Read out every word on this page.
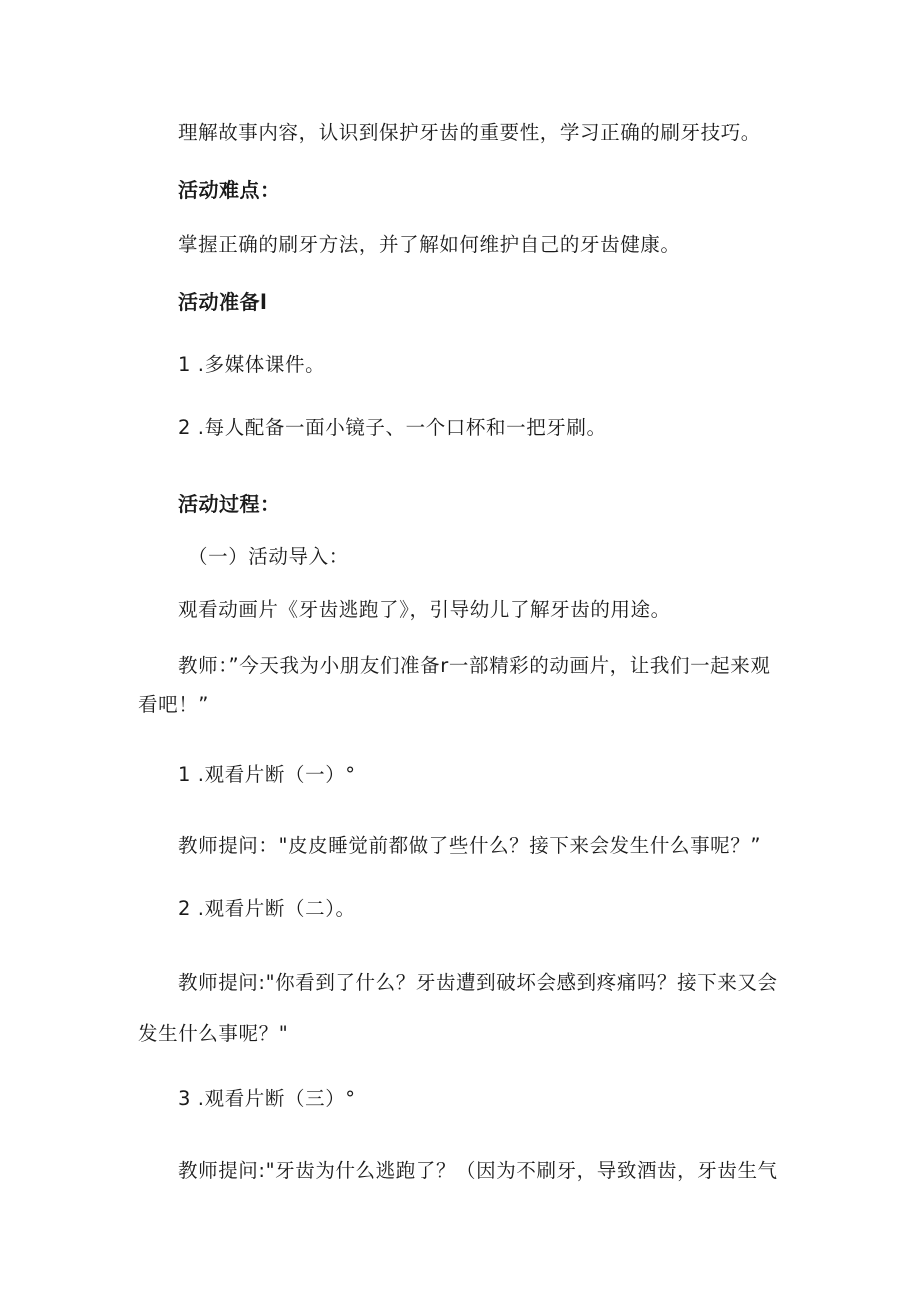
理解故事内容，认识到保护牙齿的重要性，学习正确的刷牙技巧。
活动难点：
掌握正确的刷牙方法，并了解如何维护自己的牙齿健康。
活动准备l
1 .多媒体课件。
2 .每人配备一面小镜子、一个口杯和一把牙刷。
活动过程：
（一）活动导入：
观看动画片《牙齿逃跑了》，引导幼儿了解牙齿的用途。
教师：”今天我为小朋友们准备r一部精彩的动画片，让我们一起来观
看吧！”
1 .观看片断（一）°
教师提问："皮皮睡觉前都做了些什么？接下来会发生什么事呢？”
2 .观看片断（二）。
教师提问:"你看到了什么？牙齿遭到破坏会感到疼痛吗？接下来又会
发生什么事呢？"
3 .观看片断（三）°
教师提问:"牙齿为什么逃跑了？（因为不刷牙，导致酒齿，牙齿生气
